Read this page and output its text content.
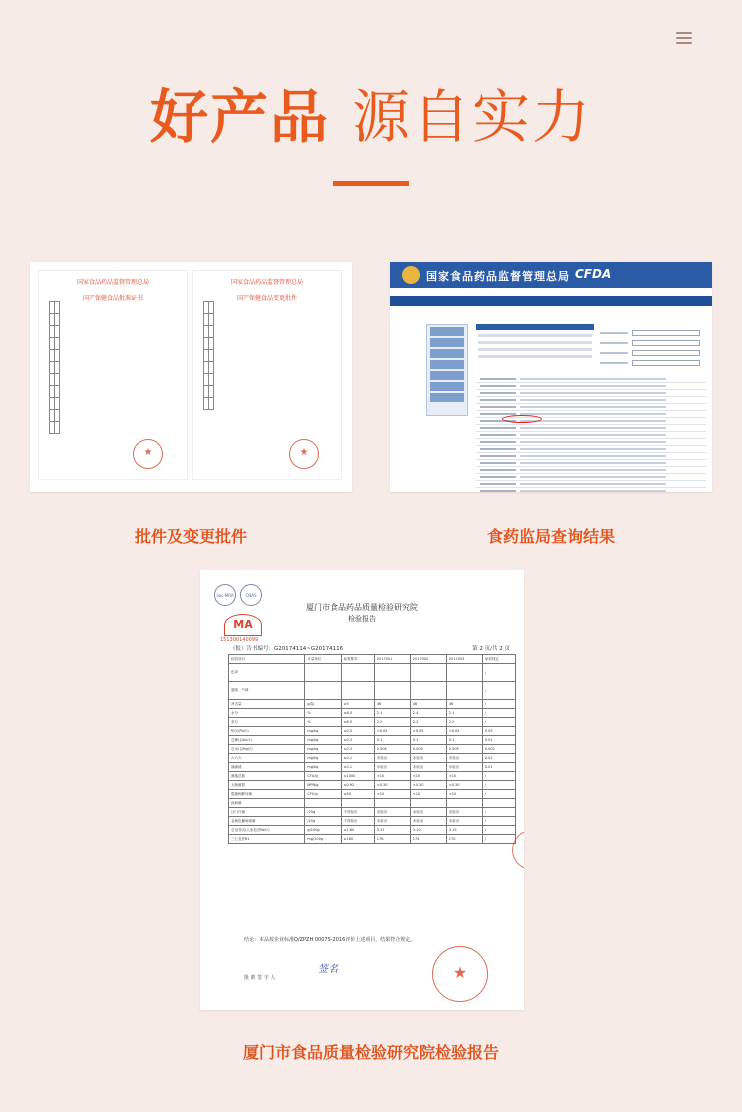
好产品 源自实力
国家食品药品监督管理总局
国产保健食品批准证书

★
国家食品药品监督管理总局
国产保健食品变更批件

★
国家食品药品监督管理总局 CFDA
首页	食品	药品	医疗器械	化妆品
ilac-MRA	CNAS
MA
151300140099
厦门市食品药品质量检验研究院
检验报告
（报）告书编号：G20174114~G20174116	第 2 页/共 2 页
检验项目	计量单位	标准要求	2017001	2017002	2017003	单项判定
色泽						/
滋味、气味						/
净含量	g/袋	≥5	46	46	46	/
水分	%	≤6.0	2.1	2.4	2.1	/
灰分	%	≤6.0	2.2	2.2	2.2	/
铅(以Pb计)	mg/kg	≤0.5	<0.05	<0.05	<0.05	0.05
总砷(以As计)	mg/kg	≤0.3	0.1	0.1	0.1	0.01
总汞(以Hg计)	mg/kg	≤0.3	0.004	0.005	0.005	0.002
六六六	mg/kg	≤0.1	未检出	未检出	未检出	0.01
滴滴涕	mg/kg	≤0.1	未检出	未检出	未检出	0.01
菌落总数	CFU/g	≤1000	<10	<10	<10	/
大肠菌群	MPN/g	≤0.92	<0.30	<0.30	<0.30	/
霉菌和酵母菌	CFU/g	≤50	<10	<10	<10	/
致病菌						
沙门氏菌	/25g	不得检出	未检出	未检出	未检出	/
金黄色葡萄球菌	/25g	不得检出	未检出	未检出	未检出	/
总皂苷(以人参皂苷Re计)	g/100g	≥1.60	3.17	3.10	3.15	/
三七皂苷R1	mg/100g	≥160	176	174	170	/
结论：本品按企业标准Q/ZPZH 0007S-2016评价上述项目，结果符合规定。
批 准 签 字 人
签名
★
批件及变更批件	食药监局查询结果
厦门市食品质量检验研究院检验报告
